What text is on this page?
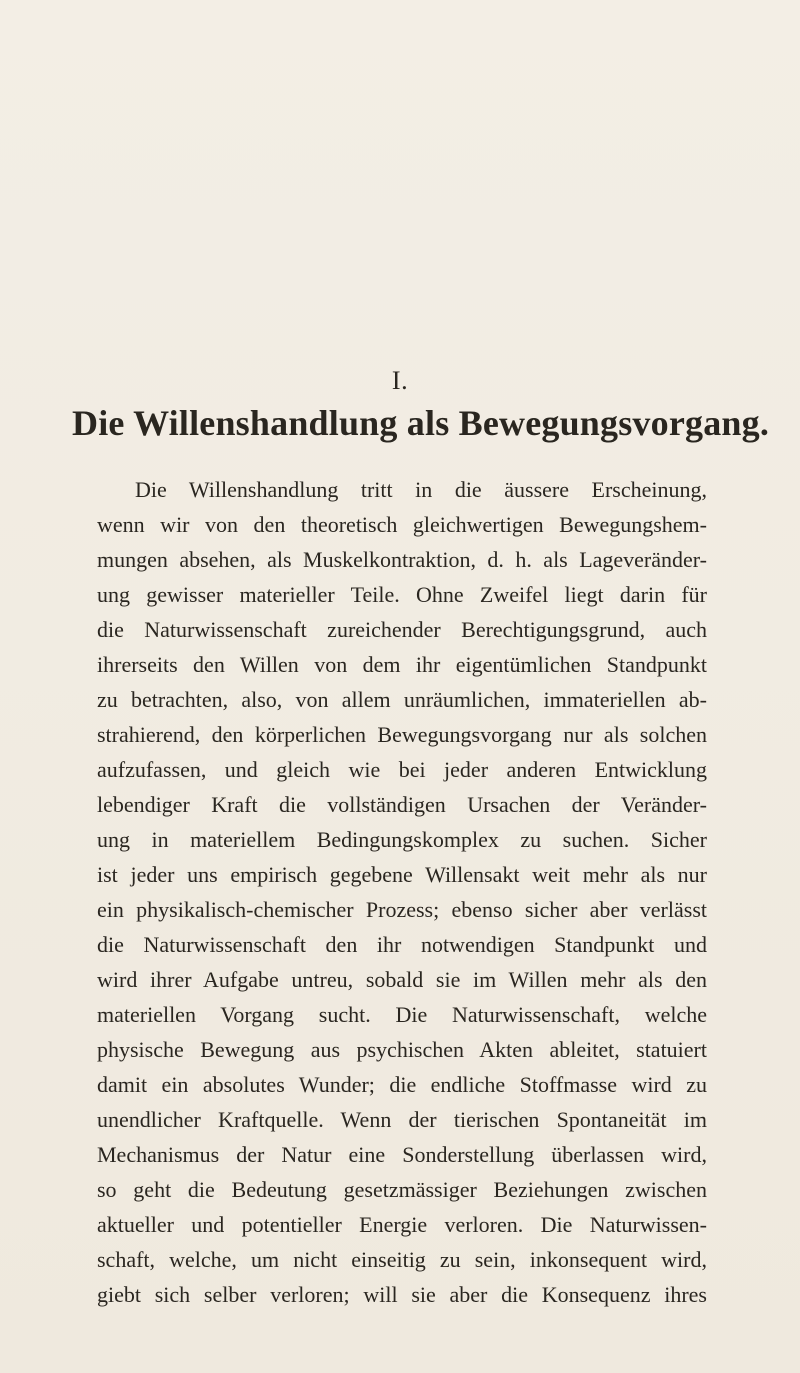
I.
Die Willenshandlung als Bewegungsvorgang.
Die Willenshandlung tritt in die äussere Erscheinung,
wenn wir von den theoretisch gleichwertigen Bewegungshem-
mungen absehen, als Muskelkontraktion, d. h. als Lageveränder-
ung gewisser materieller Teile. Ohne Zweifel liegt darin für
die Naturwissenschaft zureichender Berechtigungsgrund, auch
ihrerseits den Willen von dem ihr eigentümlichen Standpunkt
zu betrachten, also, von allem unräumlichen, immateriellen ab-
strahierend, den körperlichen Bewegungsvorgang nur als solchen
aufzufassen, und gleich wie bei jeder anderen Entwicklung
lebendiger Kraft die vollständigen Ursachen der Veränder-
ung in materiellem Bedingungskomplex zu suchen. Sicher
ist jeder uns empirisch gegebene Willensakt weit mehr als nur
ein physikalisch-chemischer Prozess; ebenso sicher aber verlässt
die Naturwissenschaft den ihr notwendigen Standpunkt und
wird ihrer Aufgabe untreu, sobald sie im Willen mehr als den
materiellen Vorgang sucht. Die Naturwissenschaft, welche
physische Bewegung aus psychischen Akten ableitet, statuiert
damit ein absolutes Wunder; die endliche Stoffmasse wird zu
unendlicher Kraftquelle. Wenn der tierischen Spontaneität im
Mechanismus der Natur eine Sonderstellung überlassen wird,
so geht die Bedeutung gesetzmässiger Beziehungen zwischen
aktueller und potentieller Energie verloren. Die Naturwissen-
schaft, welche, um nicht einseitig zu sein, inkonsequent wird,
giebt sich selber verloren; will sie aber die Konsequenz ihres
